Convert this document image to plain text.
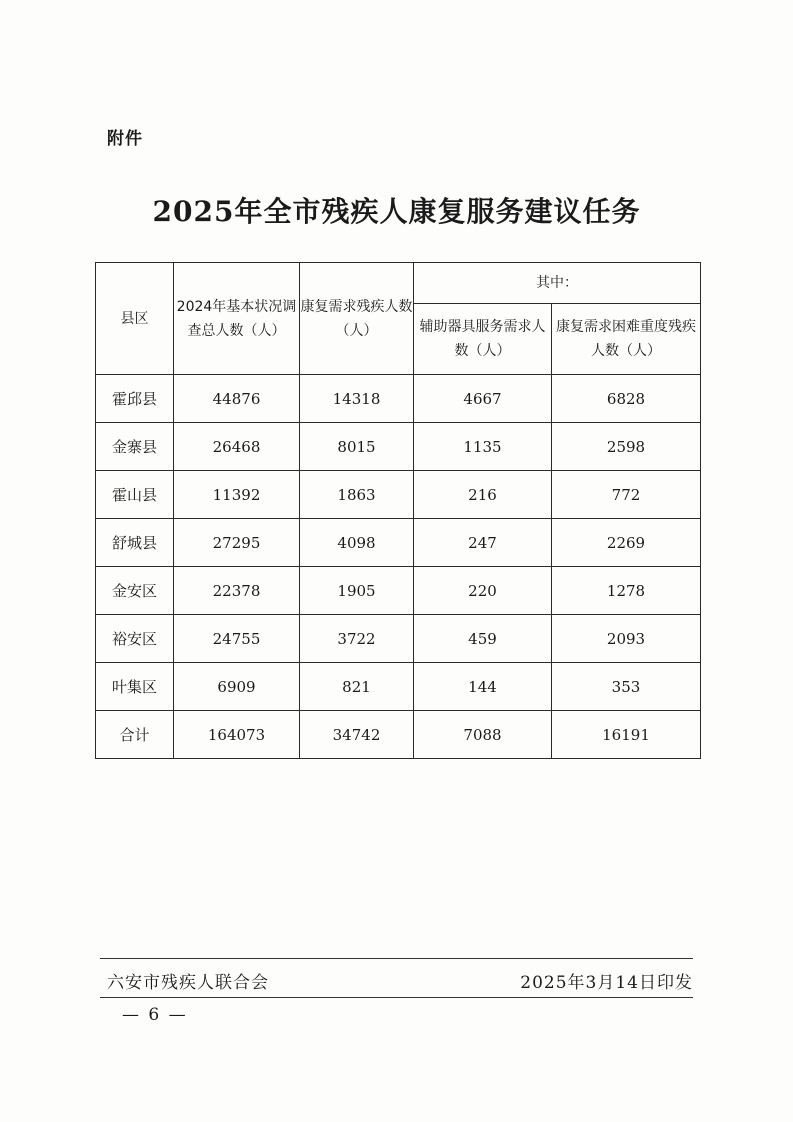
附件
2025年全市残疾人康复服务建议任务
县区	2024年基本状况调查总人数（人）	康复需求残疾人数（人）	其中：	
			辅助器具服务需求人数（人）	康复需求困难重度残疾人数（人）
霍邱县	44876	14318	4667	6828
金寨县	26468	8015	1135	2598
霍山县	11392	1863	216	772
舒城县	27295	4098	247	2269
金安区	22378	1905	220	1278
裕安区	24755	3722	459	2093
叶集区	6909	821	144	353
合计	164073	34742	7088	16191
六安市残疾人联合会	2025年3月14日印发
— 6 —
